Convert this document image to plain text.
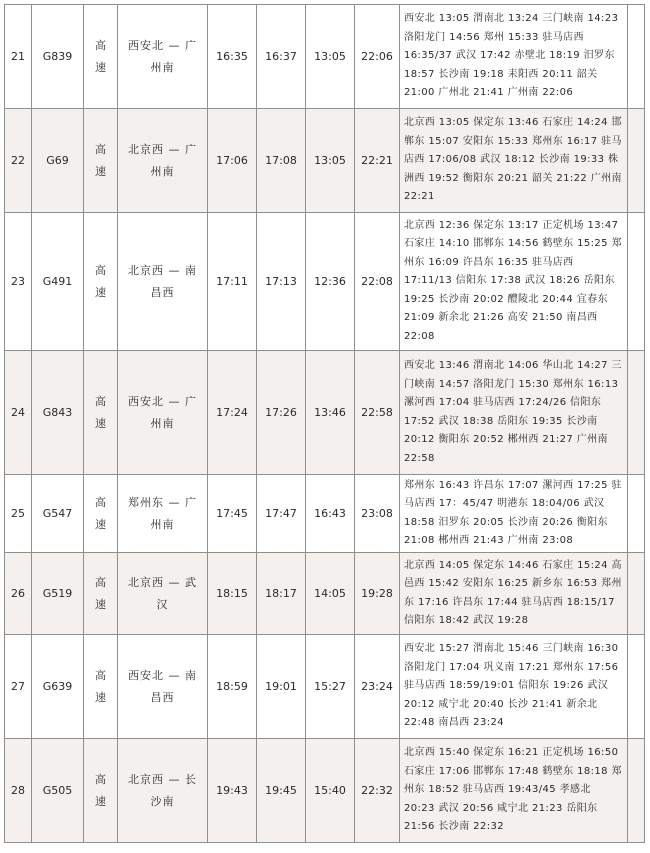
21	G839	高速	西安北 — 广州南	16:35	16:37	13:05	22:06	西安北 13:05 渭南北 13:24 三门峡南 14:23 洛阳龙门 14:56 郑州 15:33 驻马店西 16:35/37 武汉 17:42 赤壁北 18:19 汨罗东 18:57 长沙南 19:18 耒阳西 20:11 韶关 21:00 广州北 21:41 广州南 22:06	
22	G69	高速	北京西 — 广州南	17:06	17:08	13:05	22:21	北京西 13:05 保定东 13:46 石家庄 14:24 邯郸东 15:07 安阳东 15:33 郑州东 16:17 驻马店西 17:06/08 武汉 18:12 长沙南 19:33 株洲西 19:52 衡阳东 20:21 韶关 21:22 广州南 22:21	
23	G491	高速	北京西 — 南昌西	17:11	17:13	12:36	22:08	北京西 12:36 保定东 13:17 正定机场 13:47 石家庄 14:10 邯郸东 14:56 鹤壁东 15:25 郑州东 16:09 许昌东 16:35 驻马店西 17:11/13 信阳东 17:38 武汉 18:26 岳阳东 19:25 长沙南 20:02 醴陵北 20:44 宜春东 21:09 新余北 21:26 高安 21:50 南昌西 22:08	
24	G843	高速	西安北 — 广州南	17:24	17:26	13:46	22:58	西安北 13:46 渭南北 14:06 华山北 14:27 三门峡南 14:57 洛阳龙门 15:30 郑州东 16:13 漯河西 17:04 驻马店西 17:24/26 信阳东 17:52 武汉 18:38 岳阳东 19:35 长沙南 20:12 衡阳东 20:52 郴州西 21:27 广州南 22:58	
25	G547	高速	郑州东 — 广州南	17:45	17:47	16:43	23:08	郑州东 16:43 许昌东 17:07 漯河西 17:25 驻马店西 17：45/47 明港东 18:04/06 武汉 18:58 汨罗东 20:05 长沙南 20:26 衡阳东 21:08 郴州西 21:43 广州南 23:08	
26	G519	高速	北京西 — 武汉	18:15	18:17	14:05	19:28	北京西 14:05 保定东 14:46 石家庄 15:24 高邑西 15:42 安阳东 16:25 新乡东 16:53 郑州东 17:16 许昌东 17:44 驻马店西 18:15/17 信阳东 18:42 武汉 19:28	
27	G639	高速	西安北 — 南昌西	18:59	19:01	15:27	23:24	西安北 15:27 渭南北 15:46 三门峡南 16:30 洛阳龙门 17:04 巩义南 17:21 郑州东 17:56 驻马店西 18:59/19:01 信阳东 19:26 武汉 20:12 咸宁北 20:40 长沙 21:41 新余北 22:48 南昌西 23:24	
28	G505	高速	北京西 — 长沙南	19:43	19:45	15:40	22:32	北京西 15:40 保定东 16:21 正定机场 16:50 石家庄 17:06 邯郸东 17:48 鹤壁东 18:18 郑州东 18:52 驻马店西 19:43/45 孝感北 20:23 武汉 20:56 咸宁北 21:23 岳阳东 21:56 长沙南 22:32	
